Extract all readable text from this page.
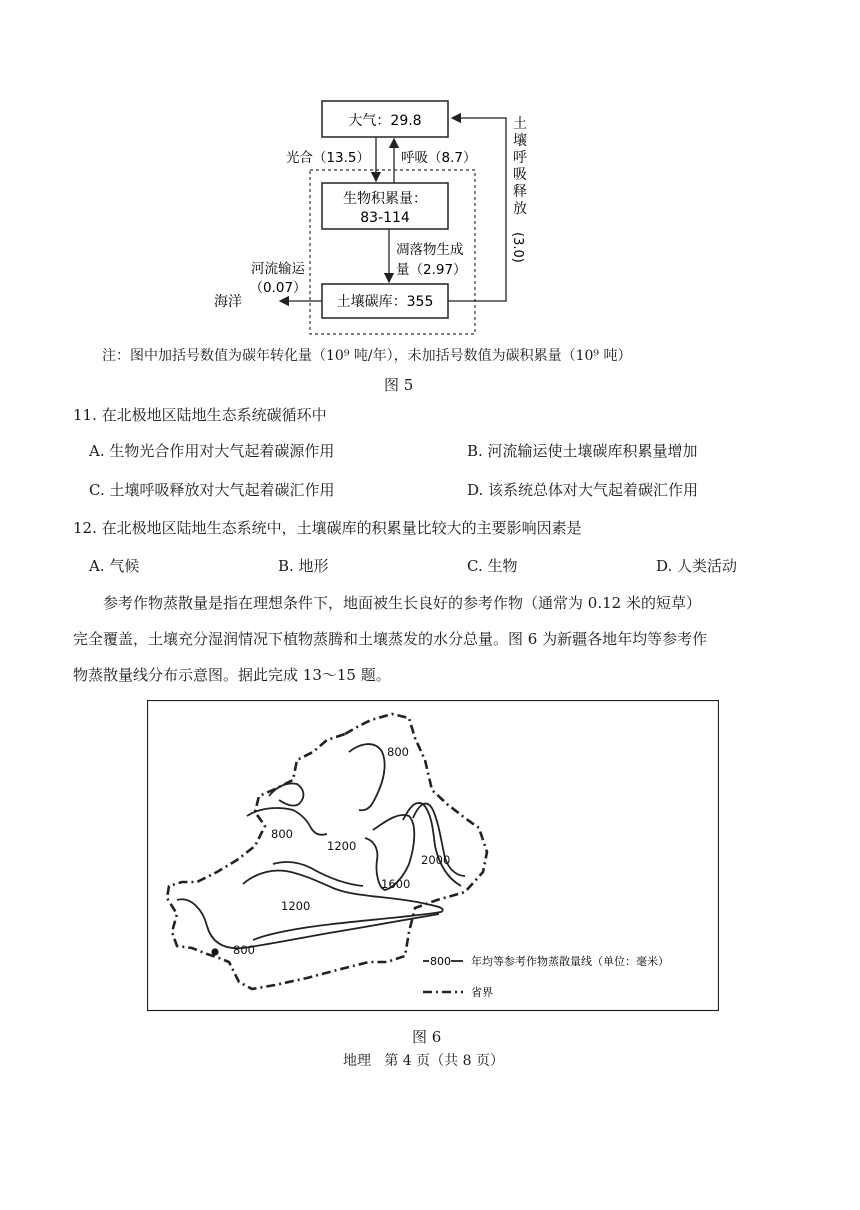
大气：29.8
生物积累量：
83-114
土壤碳库：355
光合（13.5） 呼吸（8.7）
凋落物生成
量（2.97）
河流输运
（0.07）
海洋
土
壤
呼
吸
释
放
(3.0)
注：图中加括号数值为碳年转化量（10⁹ 吨/年），未加括号数值为碳积累量（10⁹ 吨）
图 5
11. 在北极地区陆地生态系统碳循环中
A. 生物光合作用对大气起着碳源作用	B. 河流输运使土壤碳库积累量增加
C. 土壤呼吸释放对大气起着碳汇作用	D. 该系统总体对大气起着碳汇作用
12. 在北极地区陆地生态系统中，土壤碳库的积累量比较大的主要影响因素是
A. 气候	B. 地形	C. 生物	D. 人类活动
参考作物蒸散量是指在理想条件下，地面被生长良好的参考作物（通常为 0.12 米的短草）
完全覆盖，土壤充分湿润情况下植物蒸腾和土壤蒸发的水分总量。图 6 为新疆各地年均等参考作
物蒸散量线分布示意图。据此完成 13～15 题。
800
1200
800
2000
1600
1200
800
800 年均等参考作物蒸散量线（单位：毫米）
省界
图 6
地理   第 4 页（共 8 页）
